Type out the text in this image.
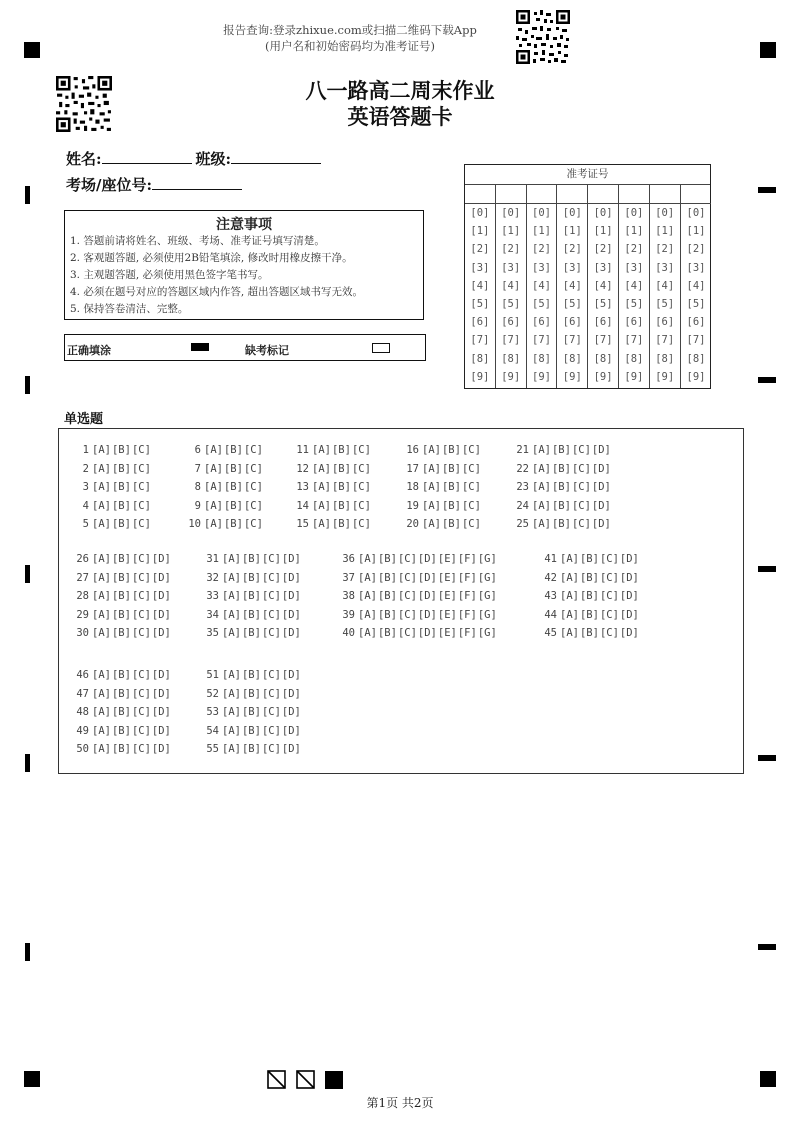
报告查询:登录zhixue.com或扫描二维码下载App
(用户名和初始密码均为准考证号)
八一路高二周末作业
英语答题卡
姓名:	班级:
考场/座位号:
注意事项
1. 答题前请将姓名、班级、考场、准考证号填写清楚。
2. 客观题答题, 必须使用2B铅笔填涂, 修改时用橡皮擦干净。
3. 主观题答题, 必须使用黑色签字笔书写。
4. 必须在题号对应的答题区域内作答, 超出答题区域书写无效。
5. 保持答卷清洁、完整。
正确填涂	缺考标记
准考证号
[0]
[1]
[2]
[3]
[4]
[5]
[6]
[7]
[8]
[9]
[0]
[1]
[2]
[3]
[4]
[5]
[6]
[7]
[8]
[9]
[0]
[1]
[2]
[3]
[4]
[5]
[6]
[7]
[8]
[9]
[0]
[1]
[2]
[3]
[4]
[5]
[6]
[7]
[8]
[9]
[0]
[1]
[2]
[3]
[4]
[5]
[6]
[7]
[8]
[9]
[0]
[1]
[2]
[3]
[4]
[5]
[6]
[7]
[8]
[9]
[0]
[1]
[2]
[3]
[4]
[5]
[6]
[7]
[8]
[9]
[0]
[1]
[2]
[3]
[4]
[5]
[6]
[7]
[8]
[9]
单选题
1 [A][B][C]
2 [A][B][C]
3 [A][B][C]
4 [A][B][C]
5 [A][B][C]
6 [A][B][C]
7 [A][B][C]
8 [A][B][C]
9 [A][B][C]
10 [A][B][C]
11 [A][B][C]
12 [A][B][C]
13 [A][B][C]
14 [A][B][C]
15 [A][B][C]
16 [A][B][C]
17 [A][B][C]
18 [A][B][C]
19 [A][B][C]
20 [A][B][C]
21 [A][B][C][D]
22 [A][B][C][D]
23 [A][B][C][D]
24 [A][B][C][D]
25 [A][B][C][D]
26 [A][B][C][D]
27 [A][B][C][D]
28 [A][B][C][D]
29 [A][B][C][D]
30 [A][B][C][D]
31 [A][B][C][D]
32 [A][B][C][D]
33 [A][B][C][D]
34 [A][B][C][D]
35 [A][B][C][D]
36 [A][B][C][D][E][F][G]
37 [A][B][C][D][E][F][G]
38 [A][B][C][D][E][F][G]
39 [A][B][C][D][E][F][G]
40 [A][B][C][D][E][F][G]
41 [A][B][C][D]
42 [A][B][C][D]
43 [A][B][C][D]
44 [A][B][C][D]
45 [A][B][C][D]
46 [A][B][C][D]
47 [A][B][C][D]
48 [A][B][C][D]
49 [A][B][C][D]
50 [A][B][C][D]
51 [A][B][C][D]
52 [A][B][C][D]
53 [A][B][C][D]
54 [A][B][C][D]
55 [A][B][C][D]
第1页 共2页
